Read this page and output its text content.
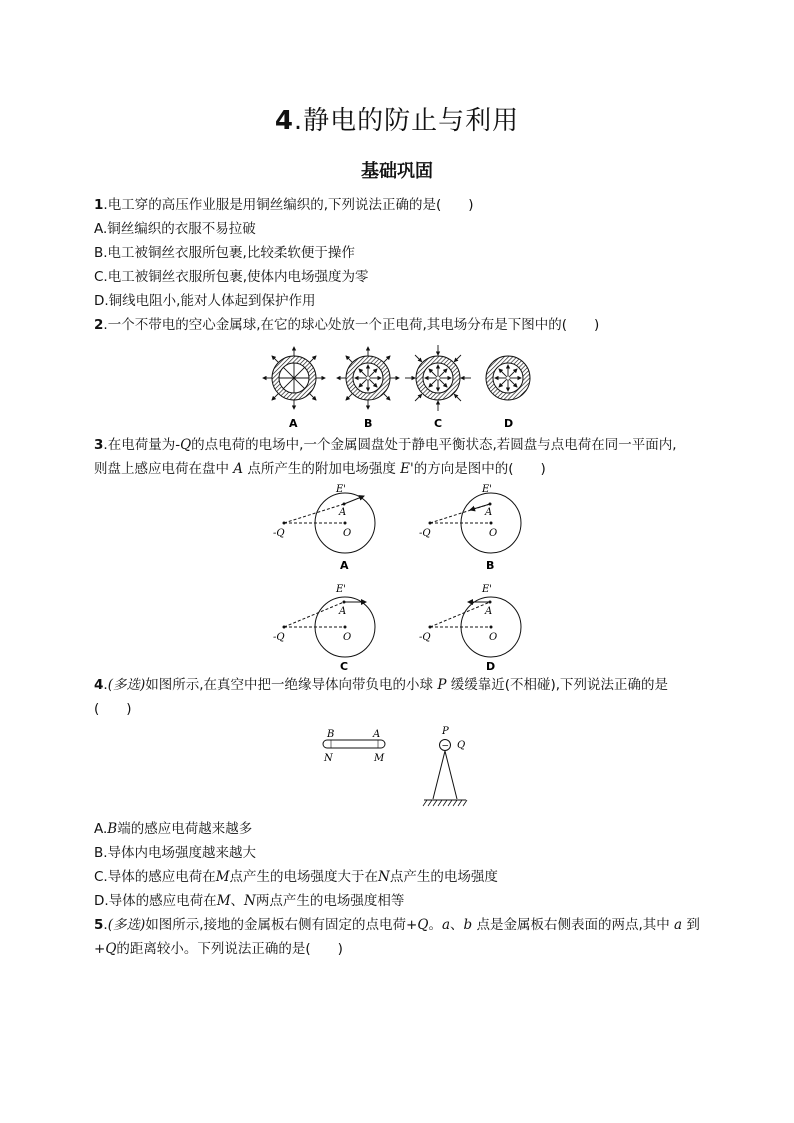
4.静电的防止与利用
基础巩固
1.电工穿的高压作业服是用铜丝编织的,下列说法正确的是(　　)
A.铜丝编织的衣服不易拉破
B.电工被铜丝衣服所包裹,比较柔软便于操作
C.电工被铜丝衣服所包裹,使体内电场强度为零
D.铜线电阻小,能对人体起到保护作用
2.一个不带电的空心金属球,在它的球心处放一个正电荷,其电场分布是下图中的(　　)
A	B	C	D
3.在电荷量为-Q的点电荷的电场中,一个金属圆盘处于静电平衡状态,若圆盘与点电荷在同一平面内,
则盘上感应电荷在盘中 A 点所产生的附加电场强度 E'的方向是图中的(　　)
E'
A
O
-Q
E'
A
O
-Q
E'
A
O
-Q
E'
A
O
-Q
A	B
C	D
4.(多选)如图所示,在真空中把一绝缘导体向带负电的小球 P 缓缓靠近(不相碰),下列说法正确的是
(　　)
B	A
N	M
−
P
Q
A.B端的感应电荷越来越多
B.导体内电场强度越来越大
C.导体的感应电荷在M点产生的电场强度大于在N点产生的电场强度
D.导体的感应电荷在M、N两点产生的电场强度相等
5.(多选)如图所示,接地的金属板右侧有固定的点电荷+Q。a、b 点是金属板右侧表面的两点,其中 a 到
+Q的距离较小。下列说法正确的是(　　)
